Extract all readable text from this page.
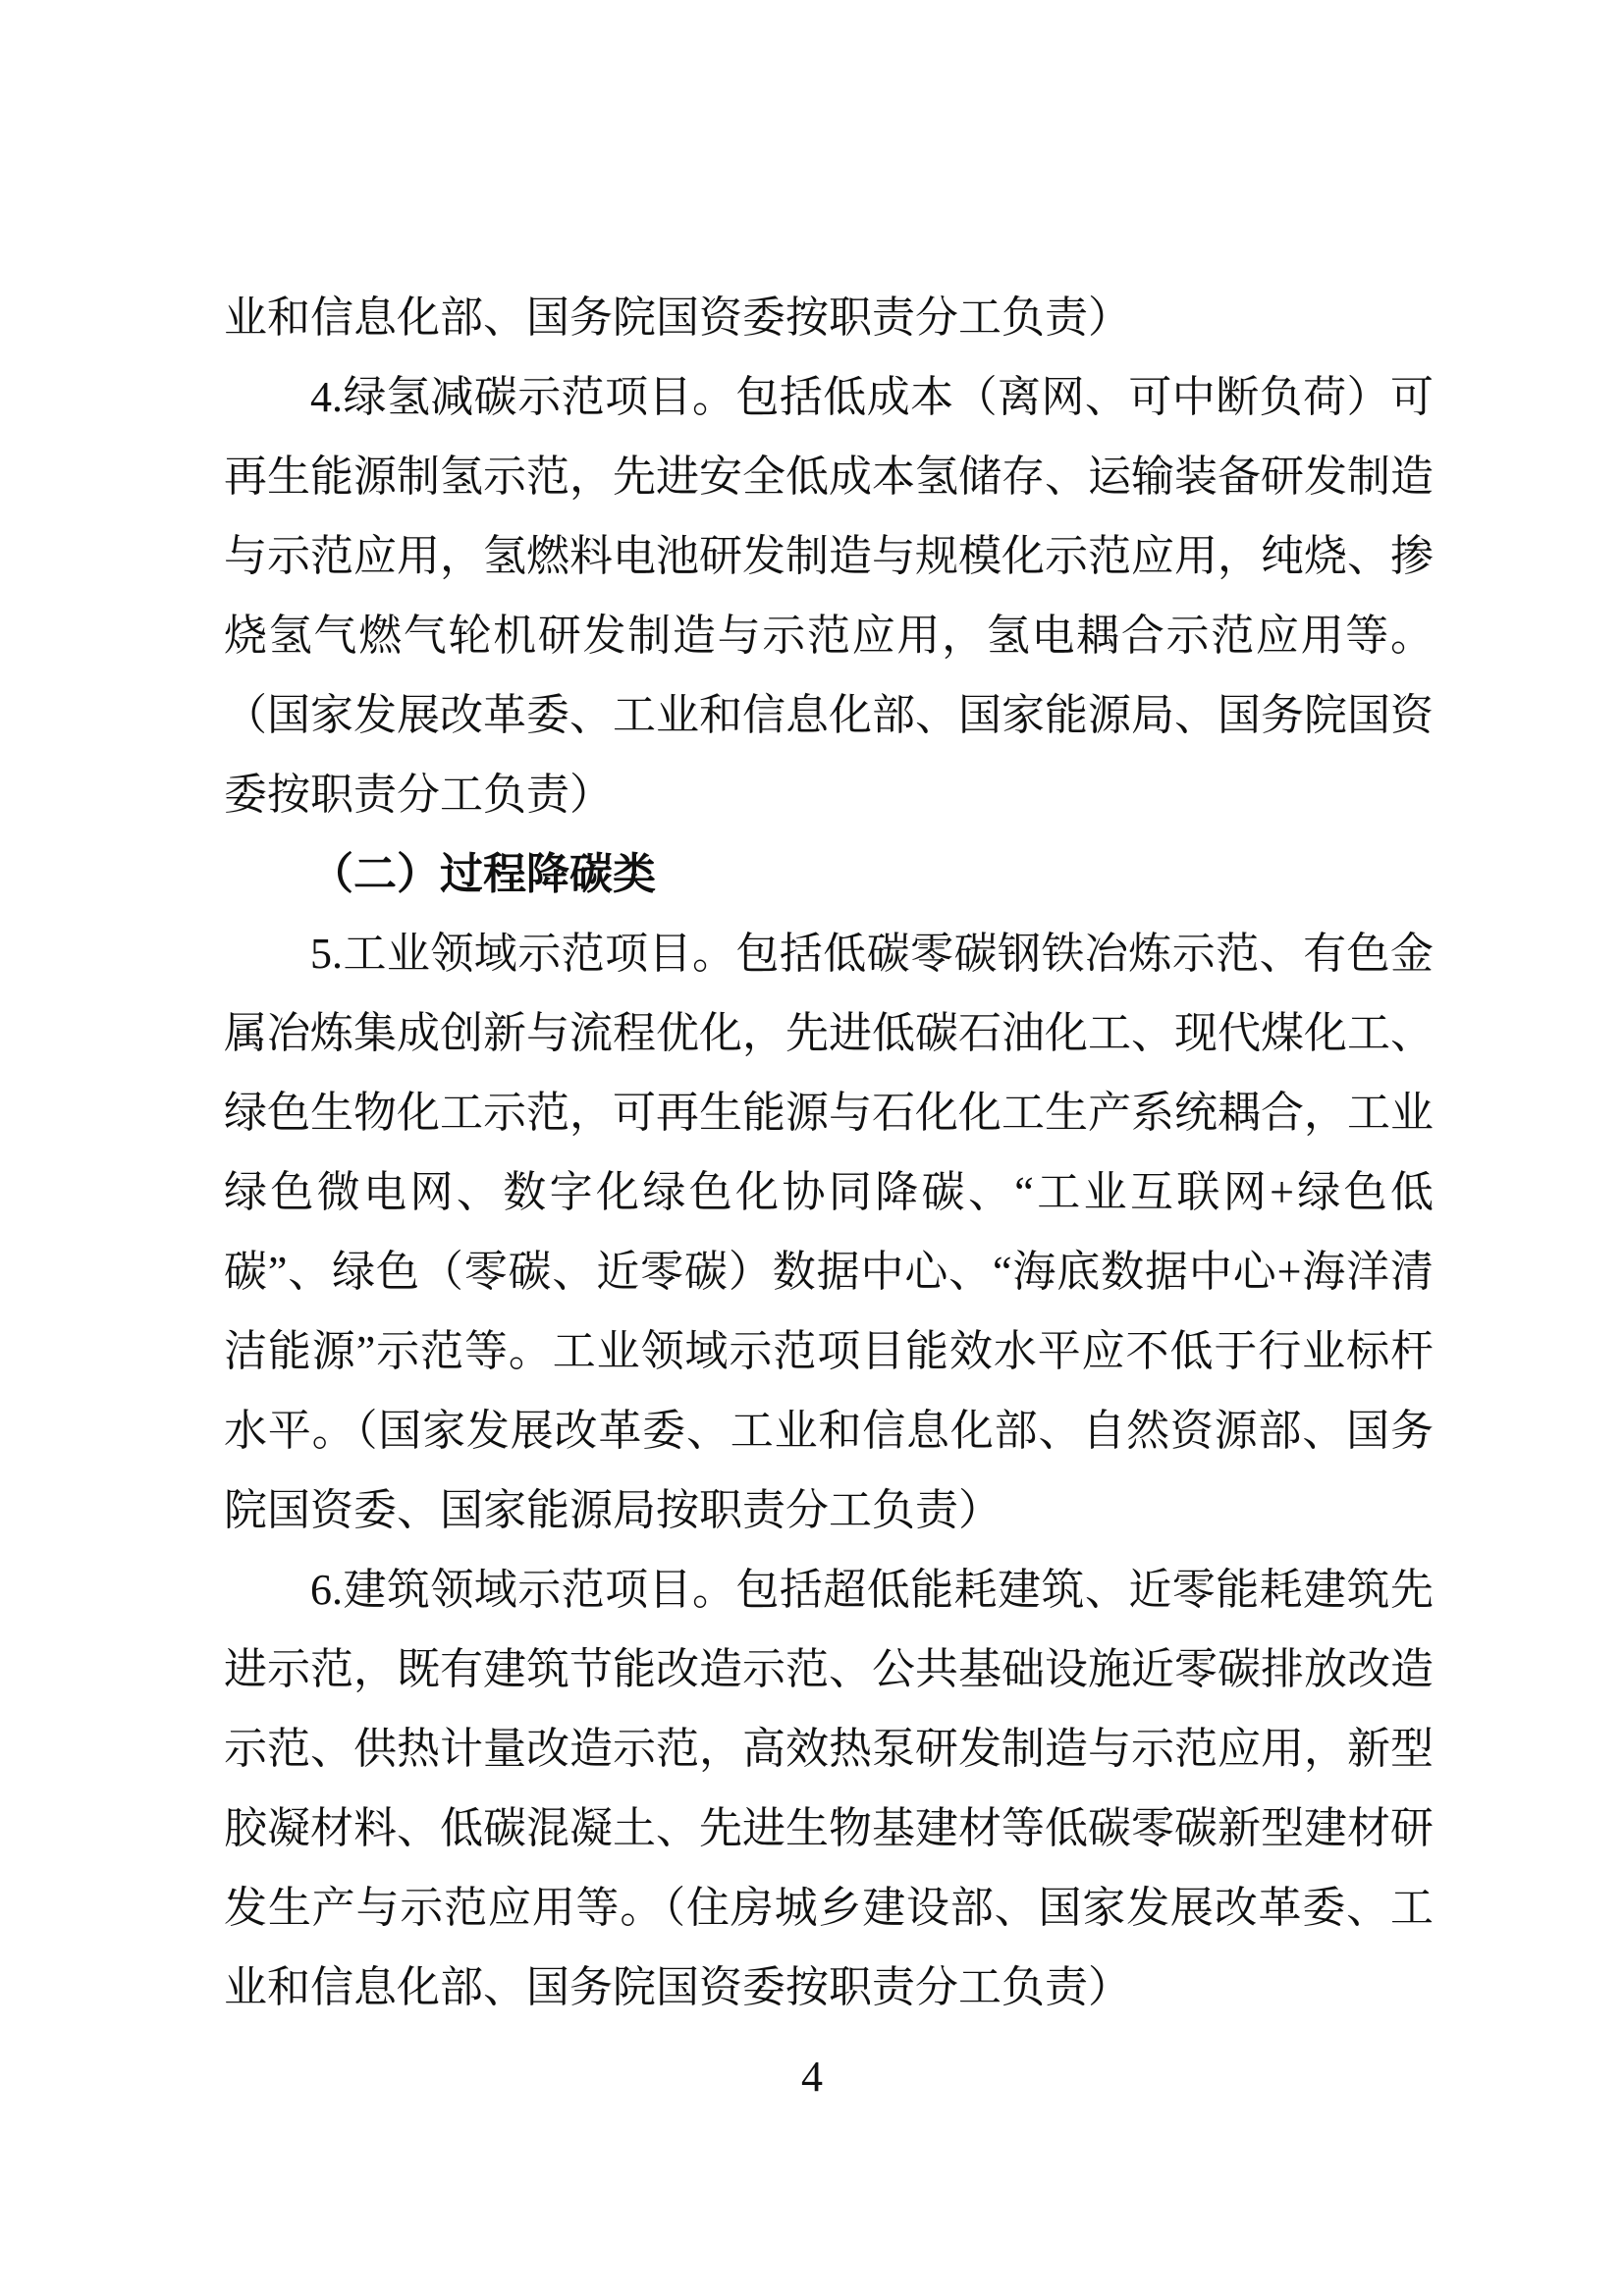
业和信息化部、国务院国资委按职责分工负责）

4.绿氢减碳示范项目。包括低成本（离网、可中断负荷）可再生能源制氢示范，先进安全低成本氢储存、运输装备研发制造与示范应用，氢燃料电池研发制造与规模化示范应用，纯烧、掺烧氢气燃气轮机研发制造与示范应用，氢电耦合示范应用等。（国家发展改革委、工业和信息化部、国家能源局、国务院国资委按职责分工负责）

（二）过程降碳类

5.工业领域示范项目。包括低碳零碳钢铁冶炼示范、有色金属冶炼集成创新与流程优化，先进低碳石油化工、现代煤化工、绿色生物化工示范，可再生能源与石化化工生产系统耦合，工业绿色微电网、数字化绿色化协同降碳、“工业互联网+绿色低碳”、绿色（零碳、近零碳）数据中心、“海底数据中心+海洋清洁能源”示范等。工业领域示范项目能效水平应不低于行业标杆水平。（国家发展改革委、工业和信息化部、自然资源部、国务院国资委、国家能源局按职责分工负责）

6.建筑领域示范项目。包括超低能耗建筑、近零能耗建筑先进示范，既有建筑节能改造示范、公共基础设施近零碳排放改造示范、供热计量改造示范，高效热泵研发制造与示范应用，新型胶凝材料、低碳混凝土、先进生物基建材等低碳零碳新型建材研发生产与示范应用等。（住房城乡建设部、国家发展改革委、工业和信息化部、国务院国资委按职责分工负责）

4
